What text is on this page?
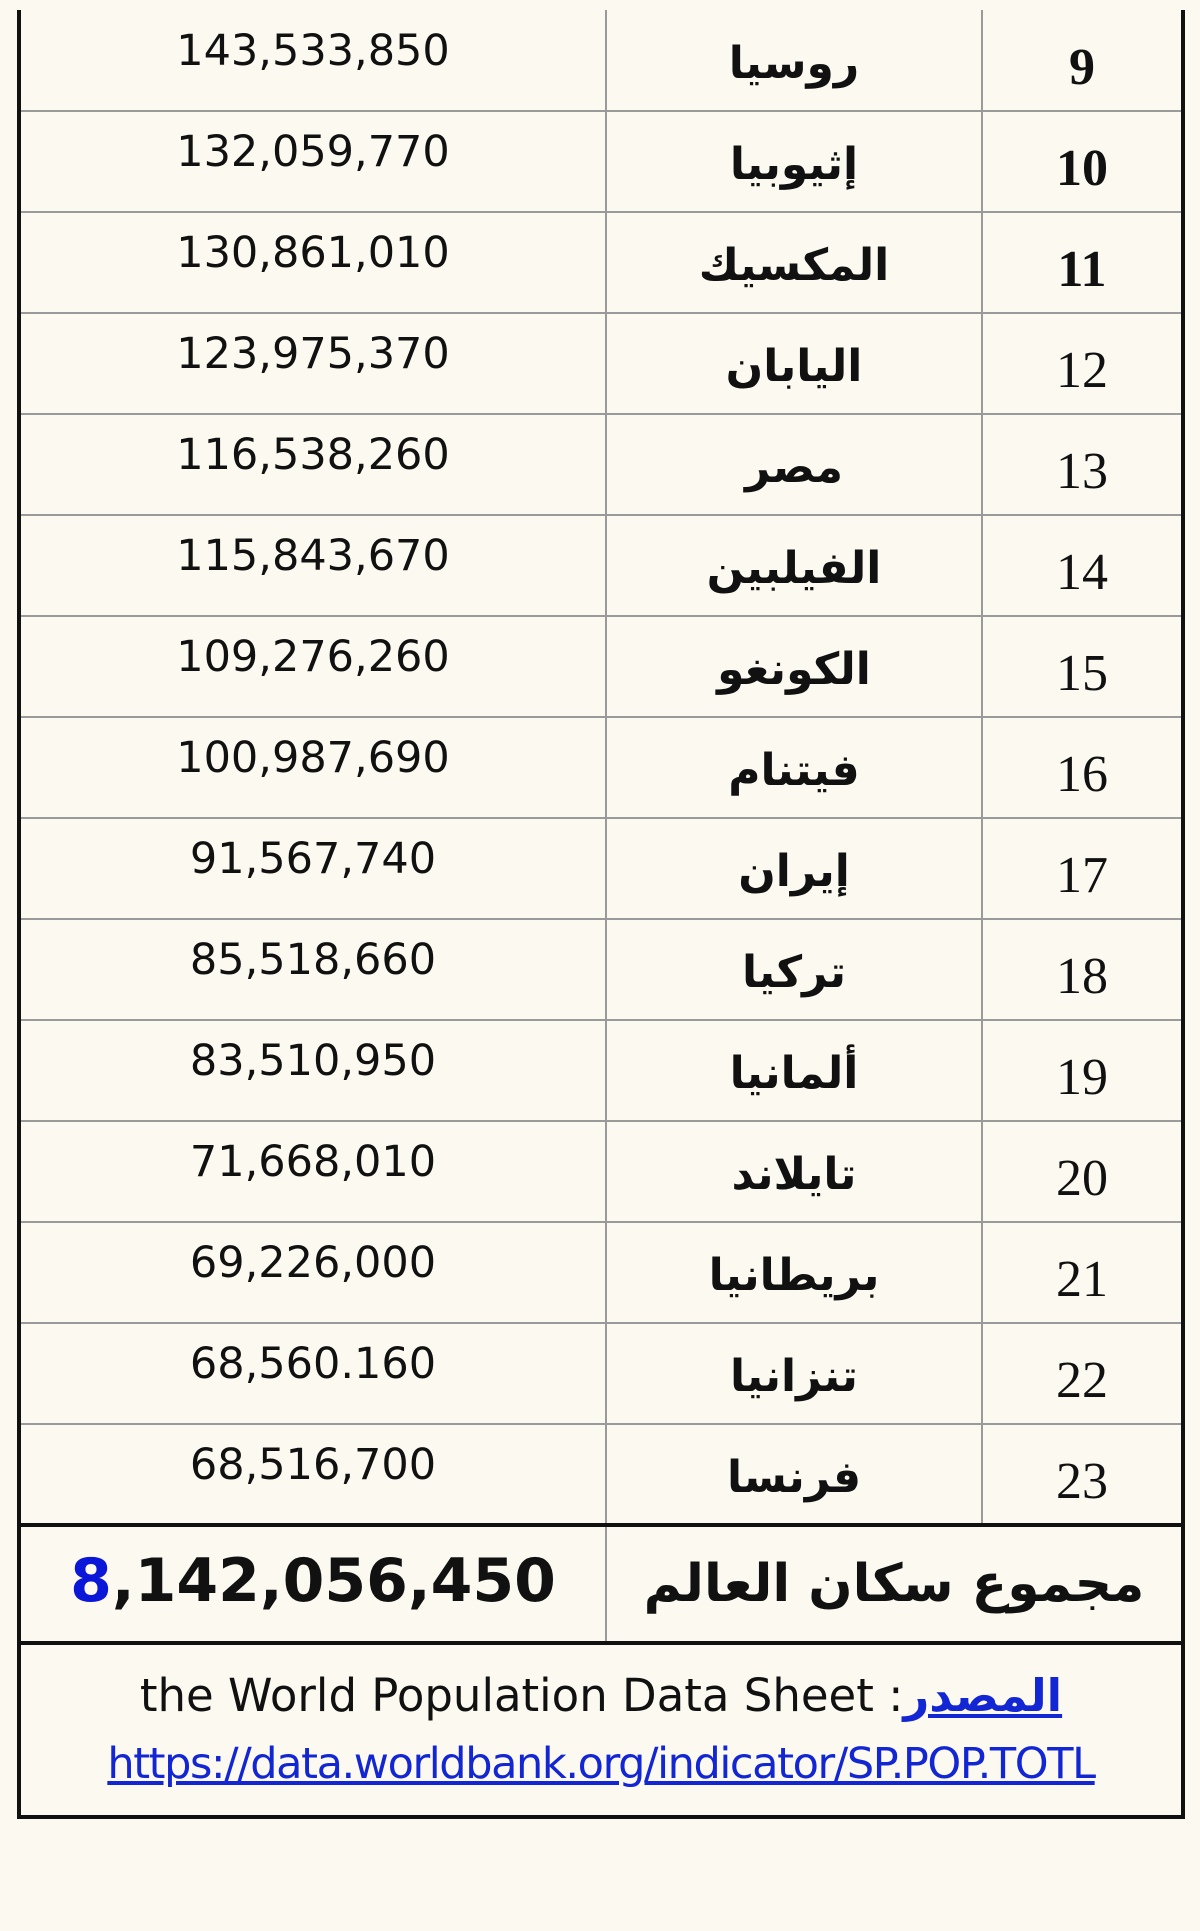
143,533,850	روسيا	9
132,059,770	إثيوبيا	10
130,861,010	المكسيك	11
123,975,370	اليابان	12
116,538,260	مصر	13
115,843,670	الفيلبين	14
109,276,260	الكونغو	15
100,987,690	فيتنام	16
91,567,740	إيران	17
85,518,660	تركيا	18
83,510,950	ألمانيا	19
71,668,010	تايلاند	20
69,226,000	بريطانيا	21
68,560.160	تنزانيا	22
68,516,700	فرنسا	23
8,142,056,450	مجموع سكان العالم	
the World Population Data Sheet :المصدر
https://data.worldbank.org/indicator/SP.POP.TOTL
